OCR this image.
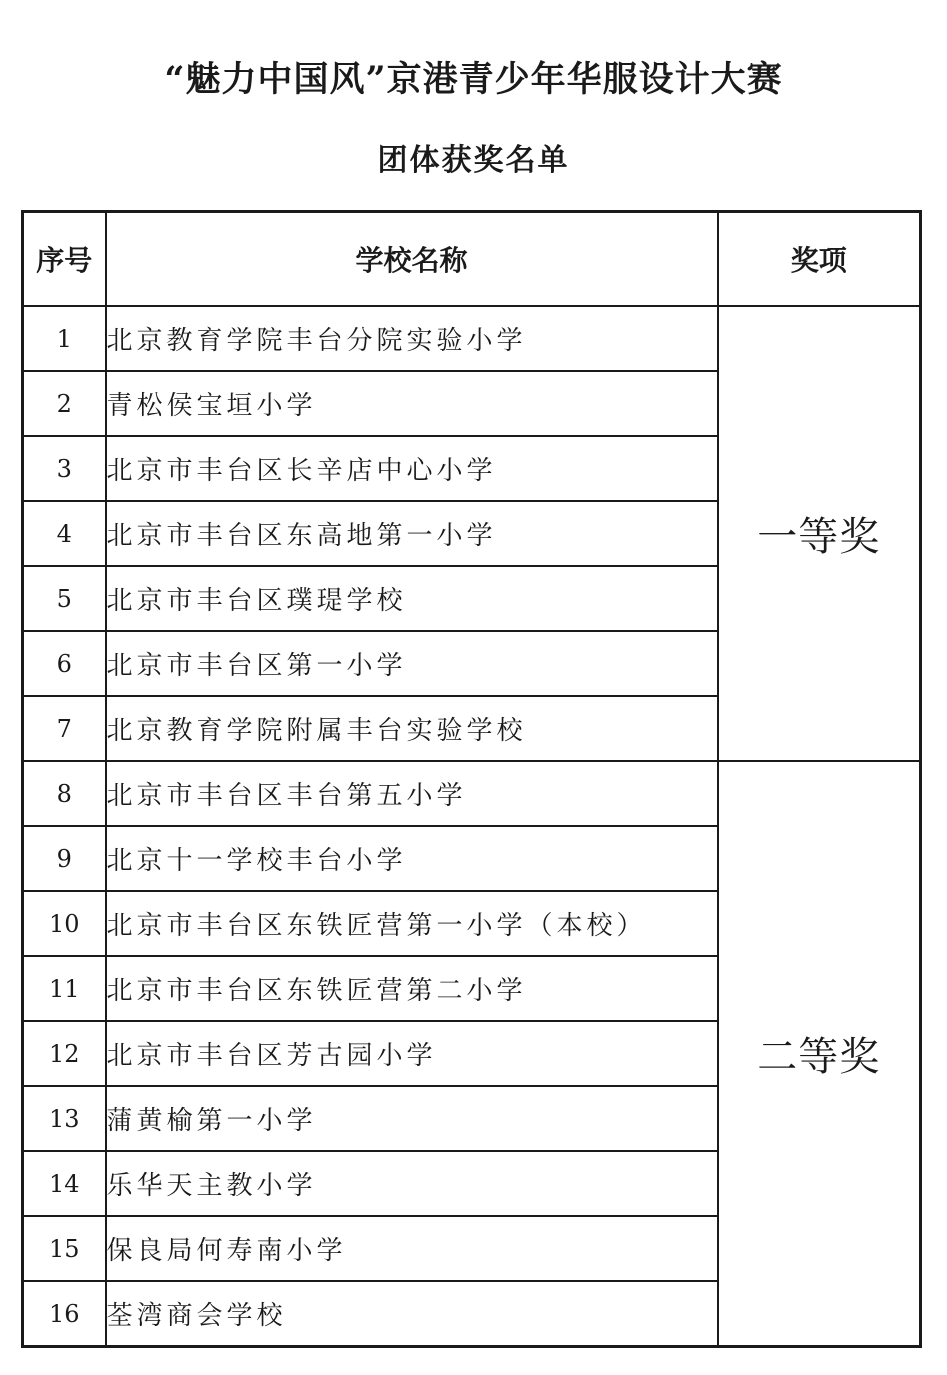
“魅力中国风”京港青少年华服设计大赛
团体获奖名单
序号	学校名称	奖项
1	北京教育学院丰台分院实验小学	一等奖
2	青松侯宝垣小学	
3	北京市丰台区长辛店中心小学	
4	北京市丰台区东高地第一小学	
5	北京市丰台区璞瑅学校	
6	北京市丰台区第一小学	
7	北京教育学院附属丰台实验学校	
8	北京市丰台区丰台第五小学	二等奖
9	北京十一学校丰台小学	
10	北京市丰台区东铁匠营第一小学（本校）	
11	北京市丰台区东铁匠营第二小学	
12	北京市丰台区芳古园小学	
13	蒲黄榆第一小学	
14	乐华天主教小学	
15	保良局何寿南小学	
16	荃湾商会学校	
